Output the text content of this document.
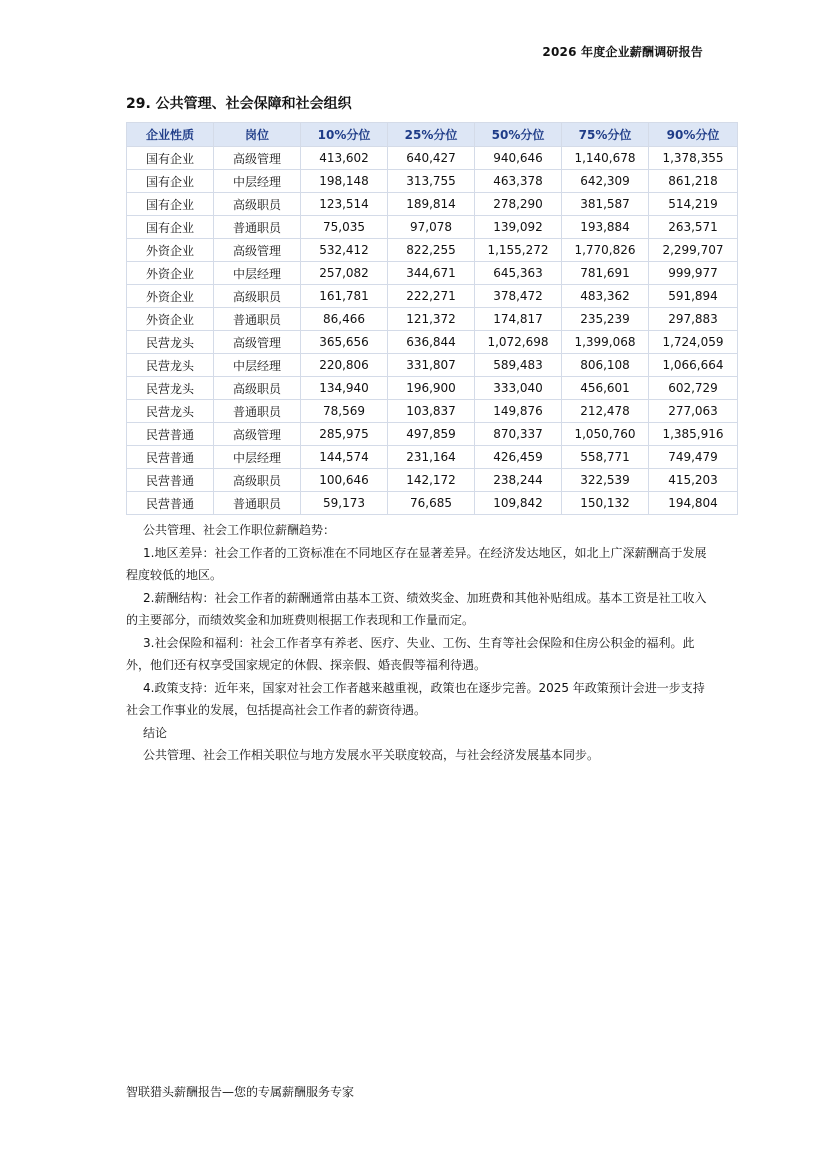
2026 年度企业薪酬调研报告
29. 公共管理、社会保障和社会组织
企业性质	岗位	10%分位	25%分位	50%分位	75%分位	90%分位
国有企业	高级管理	413,602	640,427	940,646	1,140,678	1,378,355
国有企业	中层经理	198,148	313,755	463,378	642,309	861,218
国有企业	高级职员	123,514	189,814	278,290	381,587	514,219
国有企业	普通职员	75,035	97,078	139,092	193,884	263,571
外资企业	高级管理	532,412	822,255	1,155,272	1,770,826	2,299,707
外资企业	中层经理	257,082	344,671	645,363	781,691	999,977
外资企业	高级职员	161,781	222,271	378,472	483,362	591,894
外资企业	普通职员	86,466	121,372	174,817	235,239	297,883
民营龙头	高级管理	365,656	636,844	1,072,698	1,399,068	1,724,059
民营龙头	中层经理	220,806	331,807	589,483	806,108	1,066,664
民营龙头	高级职员	134,940	196,900	333,040	456,601	602,729
民营龙头	普通职员	78,569	103,837	149,876	212,478	277,063
民营普通	高级管理	285,975	497,859	870,337	1,050,760	1,385,916
民营普通	中层经理	144,574	231,164	426,459	558,771	749,479
民营普通	高级职员	100,646	142,172	238,244	322,539	415,203
民营普通	普通职员	59,173	76,685	109,842	150,132	194,804

公共管理、社会工作职位薪酬趋势：

1.地区差异：社会工作者的工资标准在不同地区存在显著差异。在经济发达地区，如北上广深薪酬高于发展程度较低的地区。

2.薪酬结构：社会工作者的薪酬通常由基本工资、绩效奖金、加班费和其他补贴组成。基本工资是社工收入的主要部分，而绩效奖金和加班费则根据工作表现和工作量而定。

3.社会保险和福利：社会工作者享有养老、医疗、失业、工伤、生育等社会保险和住房公积金的福利。此外，他们还有权享受国家规定的休假、探亲假、婚丧假等福利待遇。

4.政策支持：近年来，国家对社会工作者越来越重视，政策也在逐步完善。2025 年政策预计会进一步支持社会工作事业的发展，包括提高社会工作者的薪资待遇。

结论

公共管理、社会工作相关职位与地方发展水平关联度较高，与社会经济发展基本同步。

智联猎头薪酬报告—您的专属薪酬服务专家
